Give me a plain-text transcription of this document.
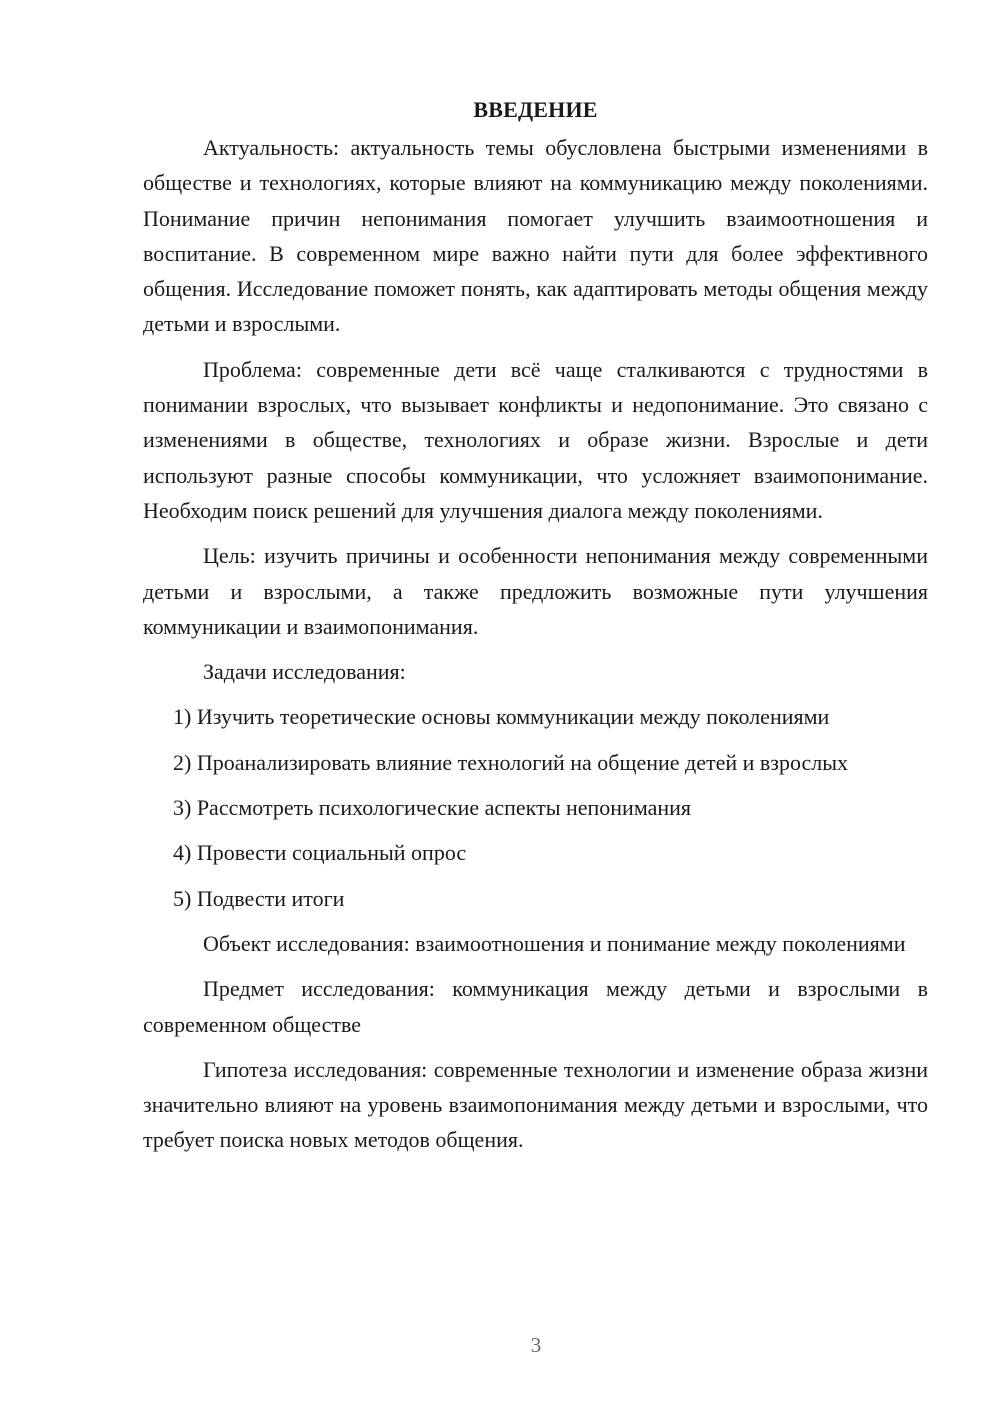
ВВЕДЕНИЕ

Актуальность: актуальность темы обусловлена быстрыми изменениями в обществе и технологиях, которые влияют на коммуникацию между поколениями. Понимание причин непонимания помогает улучшить взаимоотношения и воспитание. В современном мире важно найти пути для более эффективного общения. Исследование поможет понять, как адаптировать методы общения между детьми и взрослыми.

Проблема: современные дети всё чаще сталкиваются с трудностями в понимании взрослых, что вызывает конфликты и недопонимание. Это связано с изменениями в обществе, технологиях и образе жизни. Взрослые и дети используют разные способы коммуникации, что усложняет взаимопонимание. Необходим поиск решений для улучшения диалога между поколениями.

Цель: изучить причины и особенности непонимания между современными детьми и взрослыми, а также предложить возможные пути улучшения коммуникации и взаимопонимания.

Задачи исследования:

1) Изучить теоретические основы коммуникации между поколениями

2) Проанализировать влияние технологий на общение детей и взрослых

3) Рассмотреть психологические аспекты непонимания

4) Провести социальный опрос

5) Подвести итоги

Объект исследования: взаимоотношения и понимание между поколениями

Предмет исследования: коммуникация между детьми и взрослыми в современном обществе

Гипотеза исследования: современные технологии и изменение образа жизни значительно влияют на уровень взаимопонимания между детьми и взрослыми, что требует поиска новых методов общения.

3
